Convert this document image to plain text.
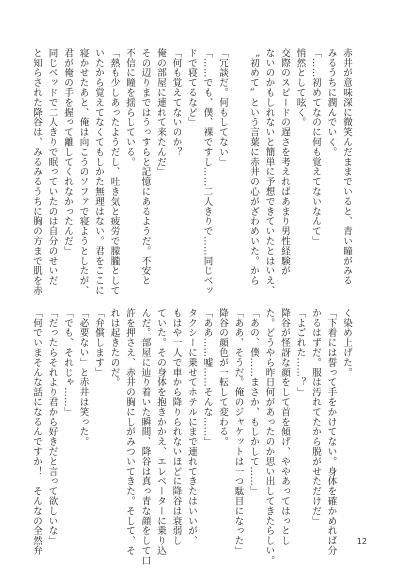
赤井が意味深に微笑んだままでいると、青い瞳がみる

みるうちに潤んでいく。

「……初めてなのに何も覚えてないなんて」

悄然として呟く。

交際のスピードの遅さを考えればあまり男性経験が

ないのかもしれないと簡単に予想できていたとはいえ、

〝初めて〟という言葉に赤井の心がざわめいた。から

「冗談だ。何もしてない」

「……でも、僕、裸ですし……二人きりで……同じベッ

ドで寝てるなど」

「何も覚えてないのか？

俺の部屋に連れて来たんだ」

その辺りまではうっすらと記憶にあるようだ。不安と

不信に瞳を揺らしている。

「熱も少しあったようだし、吐き気と疲労で朦朧として

いたから覚えてなくてもしかた無理はない。君をここに

寝かせたあと、俺は向こうのソファで寝ようとしたが、

君が俺の手を握って離してくれなかったんだ」

同じベッドで二人きりで眠っていたのは自分のせいだ

と知らされた降谷は、みるみるうちに胸の方まで肌を赤

く染め上げた。

「下着には誓って手をかけてない。身体を確かめれば分

かるはずだ。服は汚れてたから脱がせただけだ」

「よごれた……？」

降谷が怪訝な顔をして首を傾げ、ややあってはっとし

た。どうやら昨日何があったのか思い出してきたらしい。

「あの、僕……まさか、もしかして……」

「ああ、そうだ。俺のジャケットは一つ駄目になった」

降谷の顔色が一転して変わる。

「ああ……嘘……そんな……」

タクシーに乗せてホテルにまで連れてきたはいいが、

もはや一人で車から降りられないほどに降谷は衰弱し

ていた。その身体を抱きかかえ、エレベーターに乗り込

んだ。部屋に辿り着いた瞬間、降谷は真っ青な顔をして口

許を押さえ、赤井の胸にしがみついてきた。そして、そ

れは起きたのだ。

「弁償します」

「必要ない」と赤井は笑った。

「でも、それじゃ……」

「だったらそれより君から好きだと言って欲しいな」

「何でいまそんな話になるんですか！　そんなの全然弁	12
